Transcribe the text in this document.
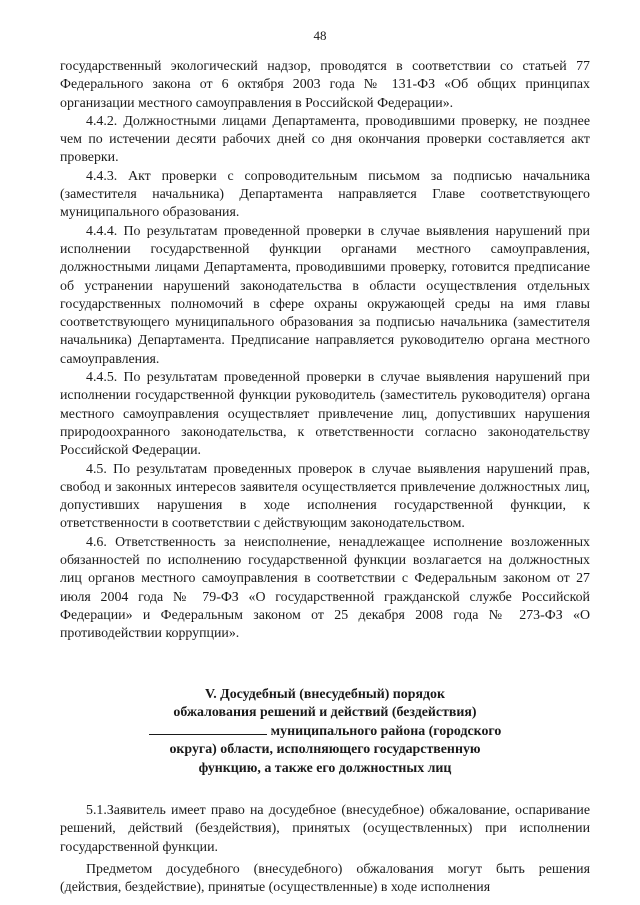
48

государственный экологический надзор, проводятся в соответствии со статьей 77 Федерального закона от 6 октября 2003 года № 131-ФЗ «Об общих принципах организации местного самоуправления в Российской Федерации».

4.4.2. Должностными лицами Департамента, проводившими проверку, не позднее чем по истечении десяти рабочих дней со дня окончания проверки составляется акт проверки.

4.4.3. Акт проверки с сопроводительным письмом за подписью начальника (заместителя начальника) Департамента направляется Главе соответствующего муниципального образования.

4.4.4. По результатам проведенной проверки в случае выявления нарушений при исполнении государственной функции органами местного самоуправления, должностными лицами Департамента, проводившими проверку, готовится предписание об устранении нарушений законодательства в области осуществления отдельных государственных полномочий в сфере охраны окружающей среды на имя главы соответствующего муниципального образования за подписью начальника (заместителя начальника) Департамента. Предписание направляется руководителю органа местного самоуправления.

4.4.5. По результатам проведенной проверки в случае выявления нарушений при исполнении государственной функции руководитель (заместитель руководителя) органа местного самоуправления осуществляет привлечение лиц, допустивших нарушения природоохранного законодательства, к ответственности согласно законодательству Российской Федерации.

4.5. По результатам проведенных проверок в случае выявления нарушений прав, свобод и законных интересов заявителя осуществляется привлечение должностных лиц, допустивших нарушения в ходе исполнения государственной функции, к ответственности в соответствии с действующим законодательством.

4.6. Ответственность за неисполнение, ненадлежащее исполнение возложенных обязанностей по исполнению государственной функции возлагается на должностных лиц органов местного самоуправления в соответствии с Федеральным законом от 27 июля 2004 года № 79-ФЗ «О государственной гражданской службе Российской Федерации» и Федеральным законом от 25 декабря 2008 года № 273-ФЗ «О противодействии коррупции».

V. Досудебный (внесудебный) порядок
обжалования решений и действий (бездействия)
муниципального района (городского
округа) области, исполняющего государственную
функцию, а также его должностных лиц

5.1.Заявитель имеет право на досудебное (внесудебное) обжалование, оспаривание решений, действий (бездействия), принятых (осуществленных) при исполнении государственной функции.

Предметом досудебного (внесудебного) обжалования могут быть решения (действия, бездействие), принятые (осуществленные) в ходе исполнения
